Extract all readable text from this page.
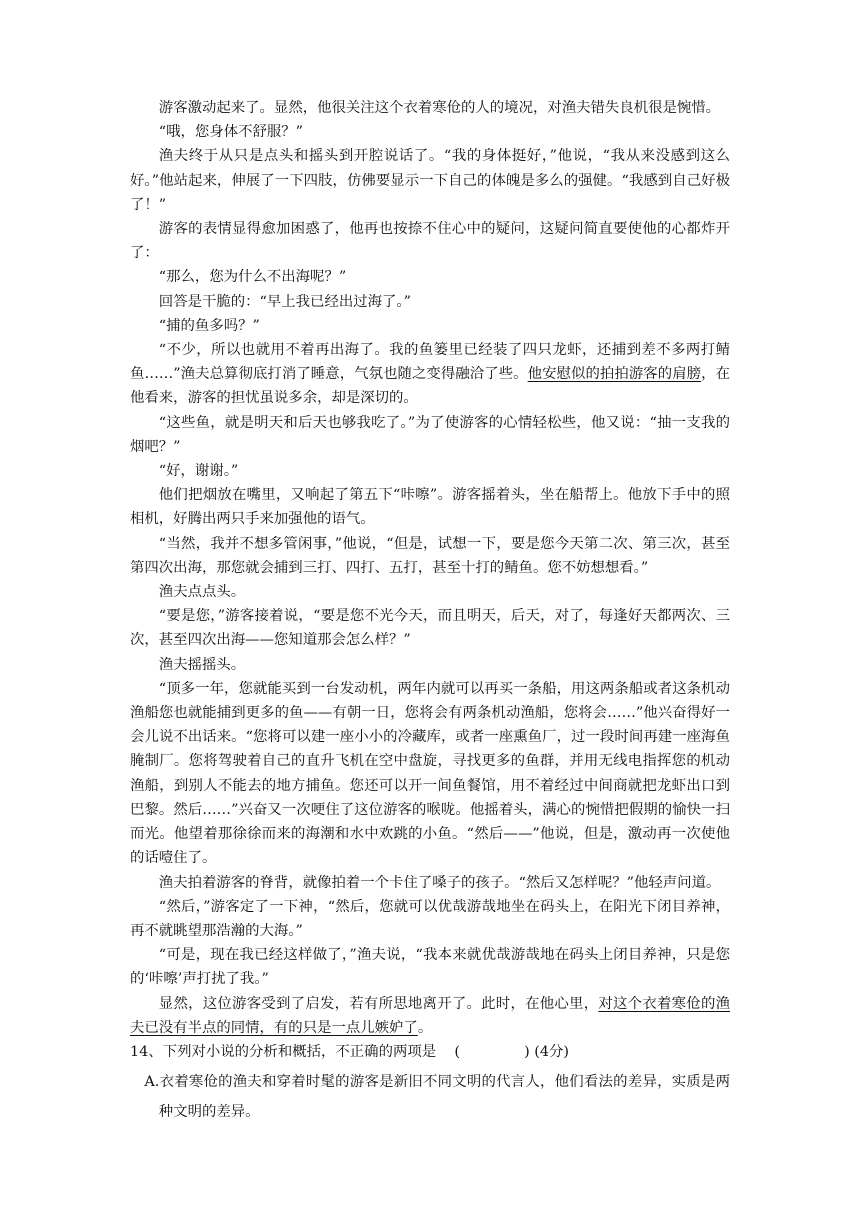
游客激动起来了。显然，他很关注这个衣着寒伧的人的境况，对渔夫错失良机很是惋惜。

“哦，您身体不舒服？”

渔夫终于从只是点头和摇头到开腔说话了。“我的身体挺好，”他说，“我从来没感到这么好。”他站起来，伸展了一下四肢，仿佛要显示一下自己的体魄是多么的强健。“我感到自己好极了！”

游客的表情显得愈加困惑了，他再也按捺不住心中的疑问，这疑问简直要使他的心都炸开了：

“那么，您为什么不出海呢？”

回答是干脆的：“早上我已经出过海了。”

“捕的鱼多吗？”

“不少，所以也就用不着再出海了。我的鱼篓里已经装了四只龙虾，还捕到差不多两打鲭鱼……”渔夫总算彻底打消了睡意，气氛也随之变得融洽了些。他安慰似的拍拍游客的肩膀，在他看来，游客的担忧虽说多余，却是深切的。

“这些鱼，就是明天和后天也够我吃了。”为了使游客的心情轻松些，他又说：“抽一支我的烟吧？”

“好，谢谢。”

他们把烟放在嘴里，又响起了第五下“咔嚓”。游客摇着头，坐在船帮上。他放下手中的照相机，好腾出两只手来加强他的语气。

“当然，我并不想多管闲事，”他说，“但是，试想一下，要是您今天第二次、第三次，甚至第四次出海，那您就会捕到三打、四打、五打，甚至十打的鲭鱼。您不妨想想看。”

渔夫点点头。

“要是您，”游客接着说，“要是您不光今天，而且明天，后天，对了，每逢好天都两次、三次，甚至四次出海——您知道那会怎么样？”

渔夫摇摇头。

“顶多一年，您就能买到一台发动机，两年内就可以再买一条船，用这两条船或者这条机动渔船您也就能捕到更多的鱼——有朝一日，您将会有两条机动渔船，您将会……”他兴奋得好一会儿说不出话来。“您将可以建一座小小的冷藏库，或者一座熏鱼厂，过一段时间再建一座海鱼腌制厂。您将驾驶着自己的直升飞机在空中盘旋，寻找更多的鱼群，并用无线电指挥您的机动渔船，到别人不能去的地方捕鱼。您还可以开一间鱼餐馆，用不着经过中间商就把龙虾出口到巴黎。然后……”兴奋又一次哽住了这位游客的喉咙。他摇着头，满心的惋惜把假期的愉快一扫而光。他望着那徐徐而来的海潮和水中欢跳的小鱼。“然后——”他说，但是，激动再一次使他的话噎住了。

渔夫拍着游客的脊背，就像拍着一个卡住了嗓子的孩子。“然后又怎样呢？”他轻声问道。

“然后，”游客定了一下神，“然后，您就可以优哉游哉地坐在码头上，在阳光下闭目养神，再不就眺望那浩瀚的大海。”

“可是，现在我已经这样做了，”渔夫说，“我本来就优哉游哉地在码头上闭目养神，只是您的‘咔嚓’声打扰了我。”

显然，这位游客受到了启发，若有所思地离开了。此时，在他心里，对这个衣着寒伧的渔夫已没有半点的同情，有的只是一点儿嫉妒了。

14、下列对小说的分析和概括，不正确的两项是    (              ) (4分)

A.衣着寒伧的渔夫和穿着时髦的游客是新旧不同文明的代言人，他们看法的差异，实质是两种文明的差异。
